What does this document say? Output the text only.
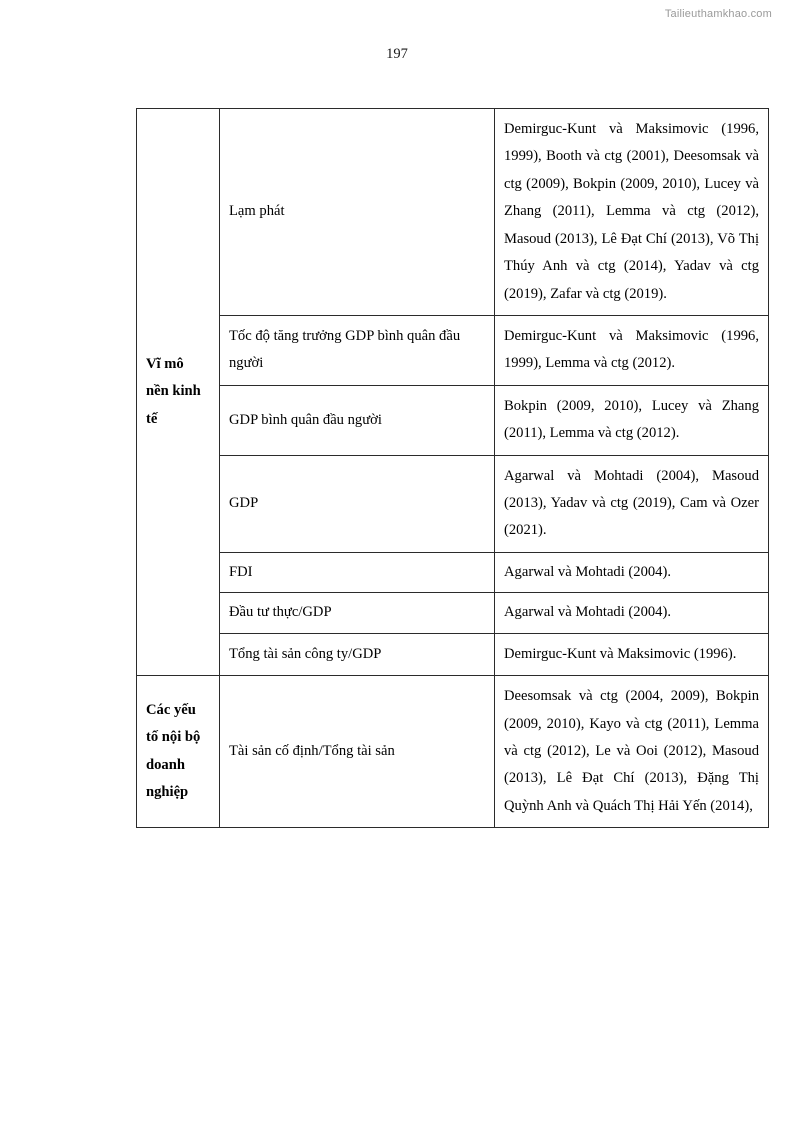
Tailieuthamkhao.com
197
Vĩ mô nền kinh tế	Lạm phát	Demirguc-Kunt và Maksimovic (1996, 1999), Booth và ctg (2001), Deesomsak và ctg (2009), Bokpin (2009, 2010), Lucey và Zhang (2011), Lemma và ctg (2012), Masoud (2013), Lê Đạt Chí (2013), Võ Thị Thúy Anh và ctg (2014), Yadav và ctg (2019), Zafar và ctg (2019).
	Tốc độ tăng trưởng GDP bình quân đầu người	Demirguc-Kunt và Maksimovic (1996, 1999), Lemma và ctg (2012).
	GDP bình quân đầu người	Bokpin (2009, 2010), Lucey và Zhang (2011), Lemma và ctg (2012).
	GDP	Agarwal và Mohtadi (2004), Masoud (2013), Yadav và ctg (2019), Cam và Ozer (2021).
	FDI	Agarwal và Mohtadi (2004).
	Đầu tư thực/GDP	Agarwal và Mohtadi (2004).
	Tổng tài sản công ty/GDP	Demirguc-Kunt và Maksimovic (1996).
Các yếu tố nội bộ doanh nghiệp	Tài sản cố định/Tổng tài sản	Deesomsak và ctg (2004, 2009), Bokpin (2009, 2010), Kayo và ctg (2011), Lemma và ctg (2012), Le và Ooi (2012), Masoud (2013), Lê Đạt Chí (2013), Đặng Thị Quỳnh Anh và Quách Thị Hải Yến (2014),
